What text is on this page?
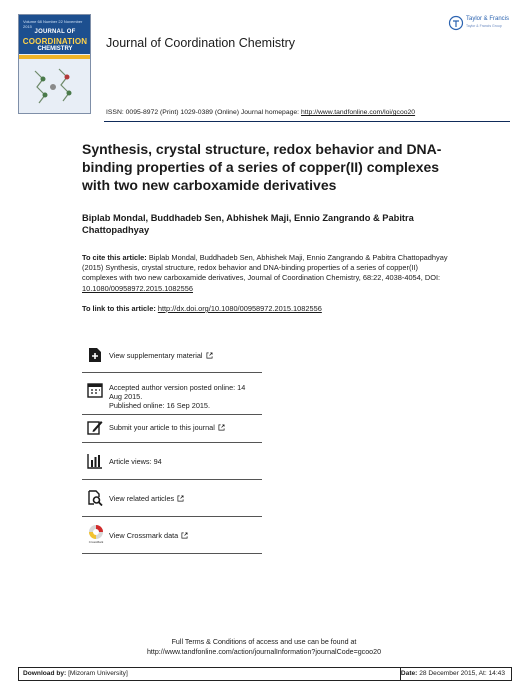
Volume 68 Number 22 November 2015
JOURNAL OF
COORDINATION
CHEMISTRY	Journal of Coordination Chemistry
Taylor & Francis
Taylor & Francis Group
ISSN: 0095-8972 (Print) 1029-0389 (Online) Journal homepage: http://www.tandfonline.com/loi/gcoo20
Synthesis, crystal structure, redox behavior and DNA-binding properties of a series of copper(II) complexes with two new carboxamide derivatives
Biplab Mondal, Buddhadeb Sen, Abhishek Maji, Ennio Zangrando & Pabitra Chattopadhyay
To cite this article: Biplab Mondal, Buddhadeb Sen, Abhishek Maji, Ennio Zangrando & Pabitra Chattopadhyay (2015) Synthesis, crystal structure, redox behavior and DNA-binding properties of a series of copper(II) complexes with two new carboxamide derivatives, Journal of Coordination Chemistry, 68:22, 4038-4054, DOI: 10.1080/00958972.2015.1082556
To link to this article: http://dx.doi.org/10.1080/00958972.2015.1082556
View supplementary material
Accepted author version posted online: 14 Aug 2015.
Published online: 16 Sep 2015.
Submit your article to this journal
Article views: 94
View related articles
CrossMark
View Crossmark data
Full Terms & Conditions of access and use can be found at
http://www.tandfonline.com/action/journalInformation?journalCode=gcoo20
Download by: [Mizoram University]	Date: 28 December 2015, At: 14:43
